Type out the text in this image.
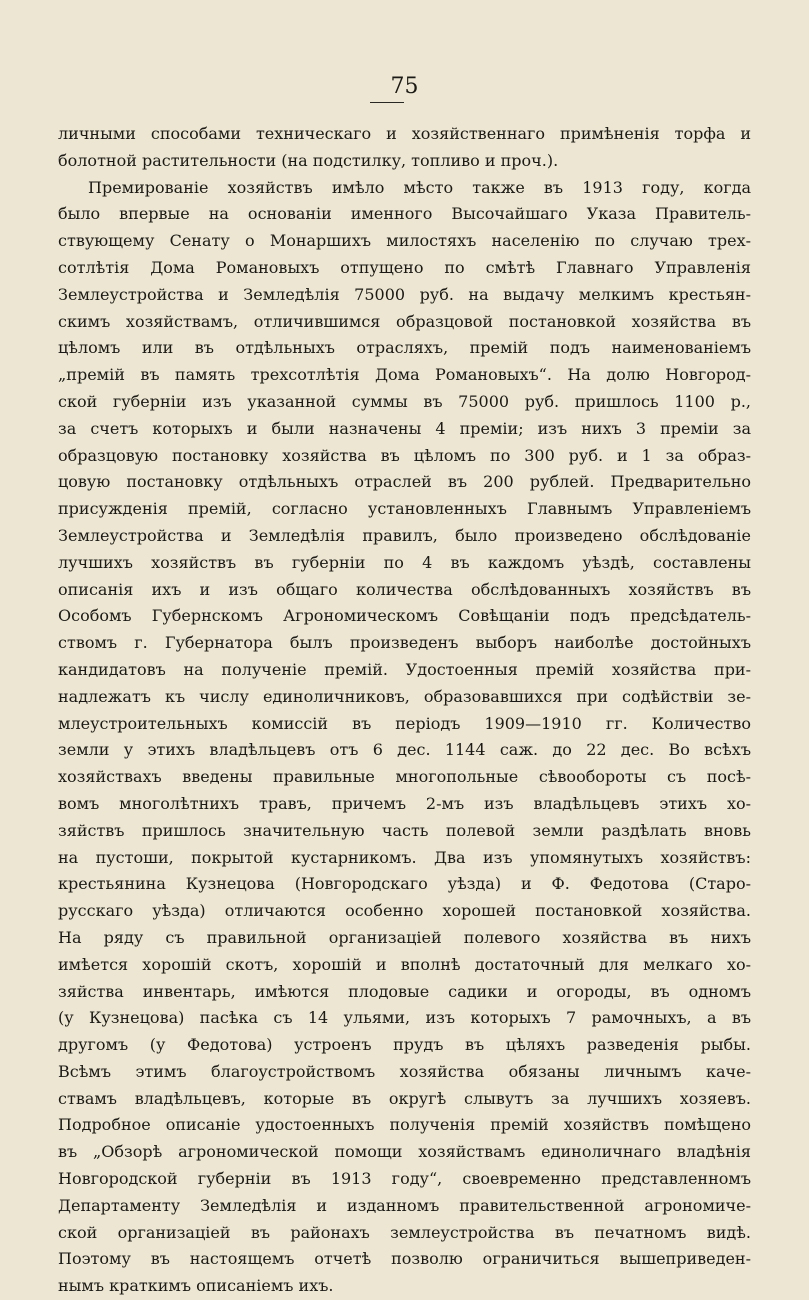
75
личными способами техническаго и хозяйственнаго примѣненія торфа и
болотной растительности (на подстилку, топливо и проч.).
Премированіе хозяйствъ имѣло мѣсто также въ 1913 году, когда
было впервые на основаніи именного Высочайшаго Указа Правитель-
ствующему Сенату о Монаршихъ милостяхъ населенію по случаю трех-
сотлѣтія Дома Романовыхъ отпущено по смѣтѣ Главнаго Управленія
Землеустройства и Земледѣлія 75000 руб. на выдачу мелкимъ крестьян-
скимъ хозяйствамъ, отличившимся образцовой постановкой хозяйства въ
цѣломъ или въ отдѣльныхъ отрасляхъ, премій подъ наименованіемъ
„премій въ память трехсотлѣтія Дома Романовыхъ“. На долю Новгород-
ской губерніи изъ указанной суммы въ 75000 руб. пришлось 1100 р.,
за счетъ которыхъ и были назначены 4 преміи; изъ нихъ 3 преміи за
образцовую постановку хозяйства въ цѣломъ по 300 руб. и 1 за образ-
цовую постановку отдѣльныхъ отраслей въ 200 рублей. Предварительно
присужденія премій, согласно установленныхъ Главнымъ Управленіемъ
Землеустройства и Земледѣлія правилъ, было произведено обслѣдованіе
лучшихъ хозяйствъ въ губерніи по 4 въ каждомъ уѣздѣ, составлены
описанія ихъ и изъ общаго количества обслѣдованныхъ хозяйствъ въ
Особомъ Губернскомъ Агрономическомъ Совѣщаніи подъ предсѣдатель-
ствомъ г. Губернатора былъ произведенъ выборъ наиболѣе достойныхъ
кандидатовъ на полученіе премій. Удостоенныя премій хозяйства при-
надлежатъ къ числу единоличниковъ, образовавшихся при содѣйствіи зе-
млеустроительныхъ комиссій въ періодъ 1909—1910 гг. Количество
земли у этихъ владѣльцевъ отъ 6 дес. 1144 саж. до 22 дес. Во всѣхъ
хозяйствахъ введены правильные многопольные сѣвообороты съ посѣ-
вомъ многолѣтнихъ травъ, причемъ 2-мъ изъ владѣльцевъ этихъ хо-
зяйствъ пришлось значительную часть полевой земли раздѣлать вновь
на пустоши, покрытой кустарникомъ. Два изъ упомянутыхъ хозяйствъ:
крестьянина Кузнецова (Новгородскаго уѣзда) и Ф. Федотова (Старо-
русскаго уѣзда) отличаются особенно хорошей постановкой хозяйства.
На ряду съ правильной организаціей полевого хозяйства въ нихъ
имѣется хорошій скотъ, хорошій и вполнѣ достаточный для мелкаго хо-
зяйства инвентарь, имѣются плодовые садики и огороды, въ одномъ
(у Кузнецова) пасѣка съ 14 ульями, изъ которыхъ 7 рамочныхъ, а въ
другомъ (у Федотова) устроенъ прудъ въ цѣляхъ разведенія рыбы.
Всѣмъ этимъ благоустройствомъ хозяйства обязаны личнымъ каче-
ствамъ владѣльцевъ, которые въ округѣ слывутъ за лучшихъ хозяевъ.
Подробное описаніе удостоенныхъ полученія премій хозяйствъ помѣщено
въ „Обзорѣ агрономической помощи хозяйствамъ единоличнаго владѣнія
Новгородской губерніи въ 1913 году“, своевременно представленномъ
Департаменту Земледѣлія и изданномъ правительственной агрономиче-
ской организаціей въ районахъ землеустройства въ печатномъ видѣ.
Поэтому въ настоящемъ отчетѣ позволю ограничиться вышеприведен-
нымъ краткимъ описаніемъ ихъ.
